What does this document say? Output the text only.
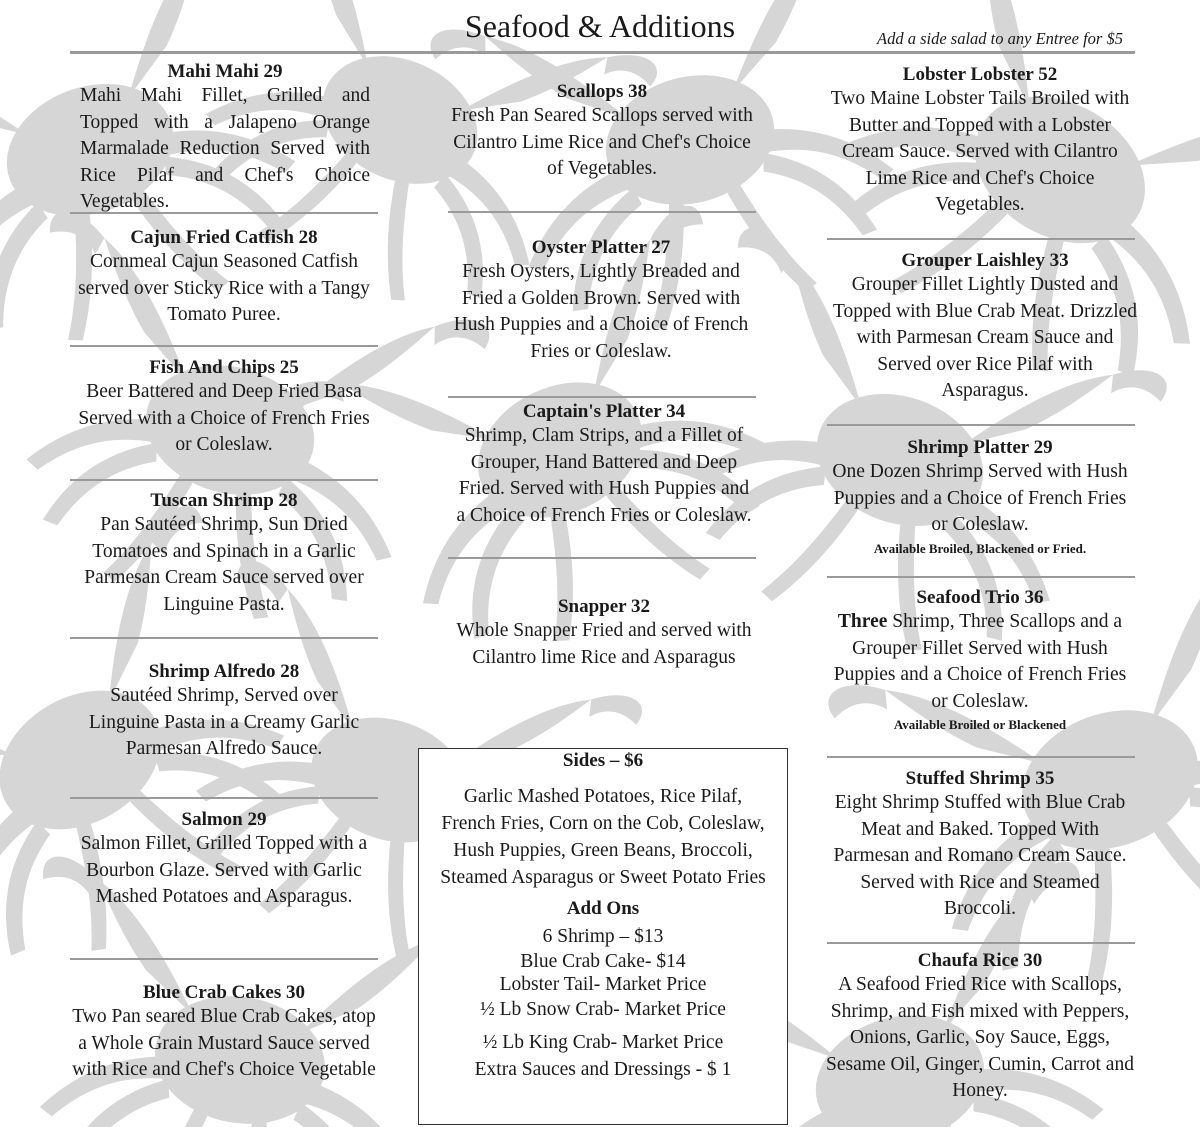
Seafood & Additions	Add a side salad to any Entree for $5
Mahi Mahi 29
Mahi Mahi Fillet, Grilled and Topped with a Jalapeno Orange Marmalade Reduction Served with Rice Pilaf and Chef's Choice Vegetables.
Cajun Fried Catfish 28
Cornmeal Cajun Seasoned Catfish served over Sticky Rice with a Tangy Tomato Puree.
Fish And Chips 25
Beer Battered and Deep Fried Basa Served with a Choice of French Fries or Coleslaw.
Tuscan Shrimp 28
Pan Sautéed Shrimp, Sun Dried Tomatoes and Spinach in a Garlic Parmesan Cream Sauce served over Linguine Pasta.
Shrimp Alfredo 28
Sautéed Shrimp, Served over Linguine Pasta in a Creamy Garlic Parmesan Alfredo Sauce.
Salmon 29
Salmon Fillet, Grilled Topped with a Bourbon Glaze. Served with Garlic Mashed Potatoes and Asparagus.
Blue Crab Cakes 30
Two Pan seared Blue Crab Cakes, atop a Whole Grain Mustard Sauce served with Rice and Chef's Choice Vegetable
Scallops 38
Fresh Pan Seared Scallops served with Cilantro Lime Rice and Chef's Choice of Vegetables.
Oyster Platter 27
Fresh Oysters, Lightly Breaded and Fried a Golden Brown. Served with Hush Puppies and a Choice of French Fries or Coleslaw.
Captain's Platter 34
Shrimp, Clam Strips, and a Fillet of Grouper, Hand Battered and Deep Fried. Served with Hush Puppies and a Choice of French Fries or Coleslaw.
Snapper 32
Whole Snapper Fried and served with Cilantro lime Rice and Asparagus
Sides – $6
Garlic Mashed Potatoes, Rice Pilaf, French Fries, Corn on the Cob, Coleslaw, Hush Puppies, Green Beans, Broccoli, Steamed Asparagus or Sweet Potato Fries
Add Ons
6 Shrimp – $13
Blue Crab Cake- $14
Lobster Tail- Market Price
½ Lb Snow Crab- Market Price
½ Lb King Crab- Market Price
Extra Sauces and Dressings - $ 1
Lobster Lobster 52
Two Maine Lobster Tails Broiled with Butter and Topped with a Lobster Cream Sauce. Served with Cilantro Lime Rice and Chef's Choice Vegetables.
Grouper Laishley 33
Grouper Fillet Lightly Dusted and Topped with Blue Crab Meat. Drizzled with Parmesan Cream Sauce and Served over Rice Pilaf with Asparagus.
Shrimp Platter 29
One Dozen Shrimp Served with Hush Puppies and a Choice of French Fries or Coleslaw.
Available Broiled, Blackened or Fried.
Seafood Trio 36
Three Shrimp, Three Scallops and a Grouper Fillet Served with Hush Puppies and a Choice of French Fries or Coleslaw.
Available Broiled or Blackened
Stuffed Shrimp 35
Eight Shrimp Stuffed with Blue Crab Meat and Baked. Topped With Parmesan and Romano Cream Sauce. Served with Rice and Steamed Broccoli.
Chaufa Rice 30
A Seafood Fried Rice with Scallops, Shrimp, and Fish mixed with Peppers, Onions, Garlic, Soy Sauce, Eggs, Sesame Oil, Ginger, Cumin, Carrot and Honey.
